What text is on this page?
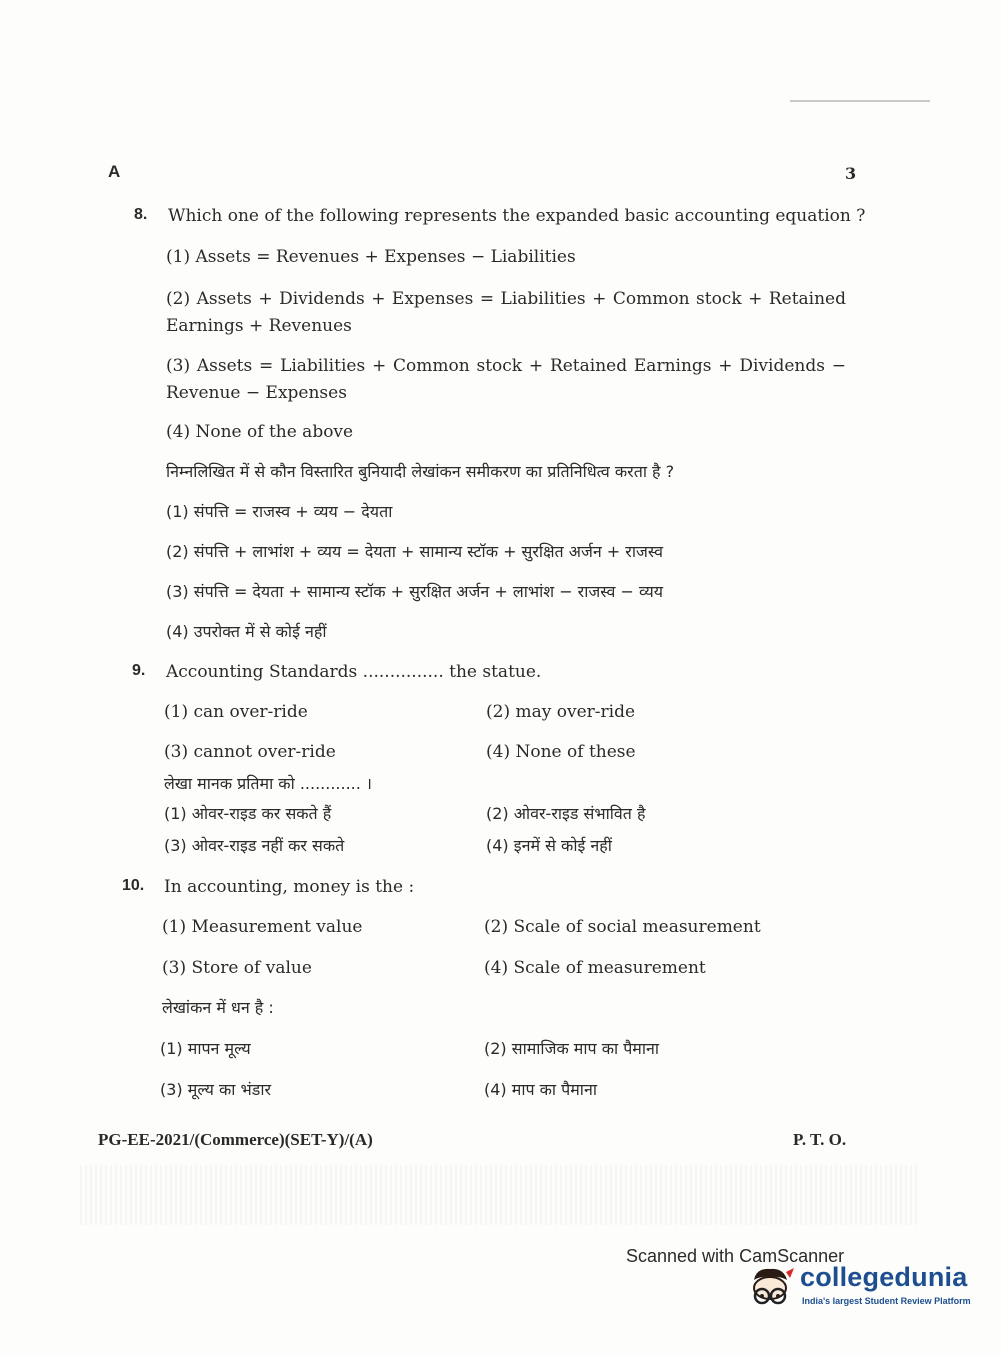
A	3
8. Which one of the following represents the expanded basic accounting equation ?
(1) Assets = Revenues + Expenses − Liabilities
(2) Assets + Dividends + Expenses = Liabilities + Common stock + Retained Earnings + Revenues
(3) Assets = Liabilities + Common stock + Retained Earnings + Dividends − Revenue − Expenses
(4) None of the above
निम्नलिखित में से कौन विस्तारित बुनियादी लेखांकन समीकरण का प्रतिनिधित्व करता है ?
(1) संपत्ति = राजस्व + व्यय − देयता
(2) संपत्ति + लाभांश + व्यय = देयता + सामान्य स्टॉक + सुरक्षित अर्जन + राजस्व
(3) संपत्ति = देयता + सामान्य स्टॉक + सुरक्षित अर्जन + लाभांश − राजस्व − व्यय
(4) उपरोक्त में से कोई नहीं
9. Accounting Standards ............... the statue.
(1) can over-ride	(2) may over-ride
(3) cannot over-ride	(4) None of these
लेखा मानक प्रतिमा को ............ ।
(1) ओवर-राइड कर सकते हैं	(2) ओवर-राइड संभावित है
(3) ओवर-राइड नहीं कर सकते	(4) इनमें से कोई नहीं
10. In accounting, money is the :
(1) Measurement value	(2) Scale of social measurement
(3) Store of value	(4) Scale of measurement
लेखांकन में धन है :
(1) मापन मूल्य	(2) सामाजिक माप का पैमाना
(3) मूल्य का भंडार	(4) माप का पैमाना
PG-EE-2021/(Commerce)(SET-Y)/(A)	P. T. O.
Scanned with CamScanner
collegedunia
India's largest Student Review Platform
